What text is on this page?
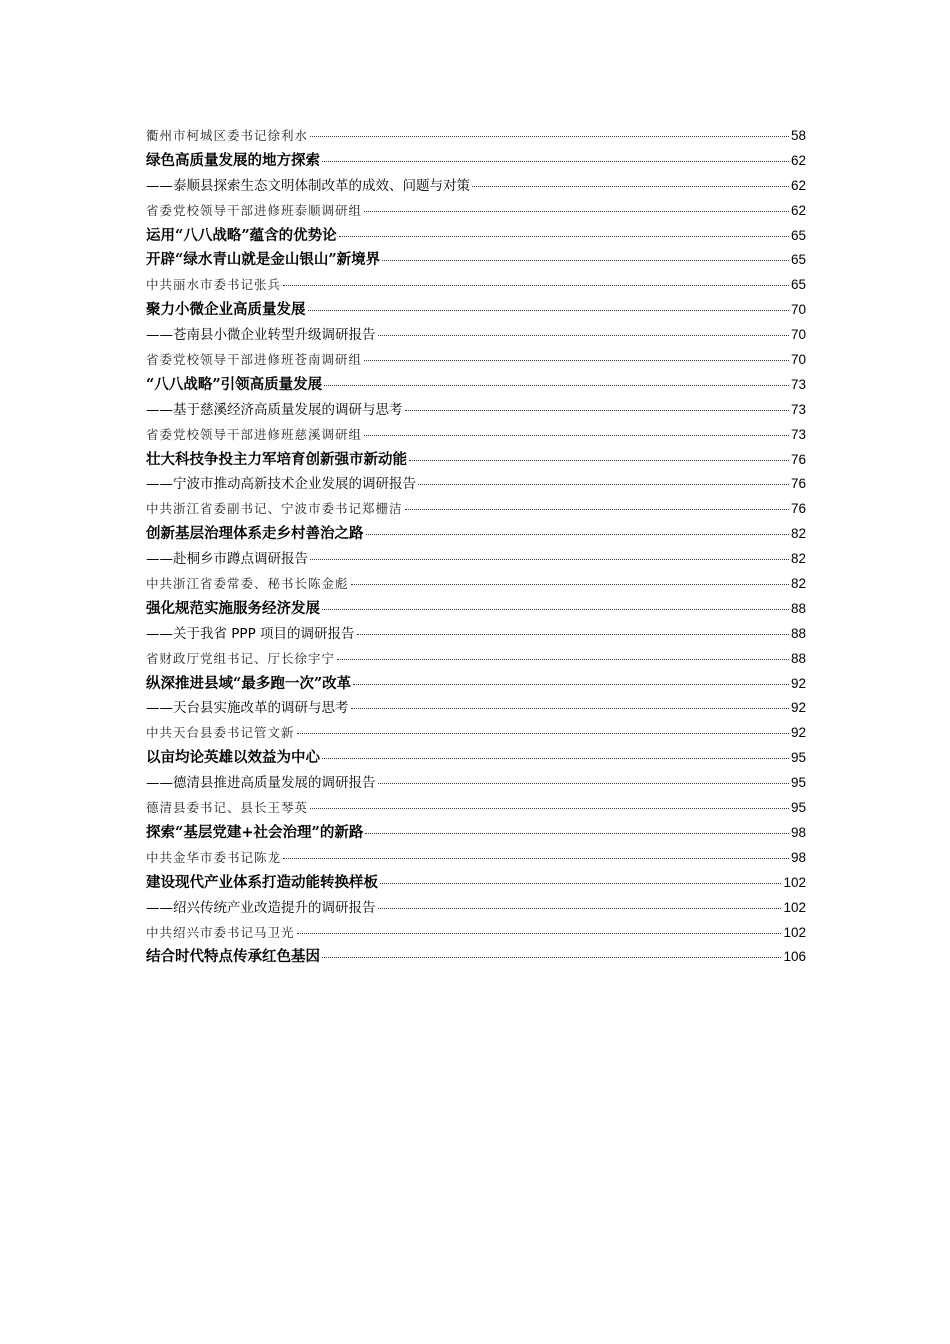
衢州市柯城区委书记徐利水	58
绿色高质量发展的地方探索	62
——泰顺县探索生态文明体制改革的成效、问题与对策	62
省委党校领导干部进修班泰顺调研组	62
运用“八八战略”蕴含的优势论	65
开辟“绿水青山就是金山银山”新境界	65
中共丽水市委书记张兵	65
聚力小微企业高质量发展	70
——苍南县小微企业转型升级调研报告	70
省委党校领导干部进修班苍南调研组	70
“八八战略”引领高质量发展	73
——基于慈溪经济高质量发展的调研与思考	73
省委党校领导干部进修班慈溪调研组	73
壮大科技争投主力军培育创新强市新动能	76
——宁波市推动高新技术企业发展的调研报告	76
中共浙江省委副书记、宁波市委书记郑栅洁	76
创新基层治理体系走乡村善治之路	82
——赴桐乡市蹲点调研报告	82
中共浙江省委常委、秘书长陈金彪	82
强化规范实施服务经济发展	88
——关于我省 PPP 项目的调研报告	88
省财政厅党组书记、厅长徐宇宁	88
纵深推进县域“最多跑一次”改革	92
——天台县实施改革的调研与思考	92
中共天台县委书记管文新	92
以亩均论英雄以效益为中心	95
——德清县推进高质量发展的调研报告	95
德清县委书记、县长王琴英	95
探索“基层党建+社会治理”的新路	98
中共金华市委书记陈龙	98
建设现代产业体系打造动能转换样板	102
——绍兴传统产业改造提升的调研报告	102
中共绍兴市委书记马卫光	102
结合时代特点传承红色基因	106
